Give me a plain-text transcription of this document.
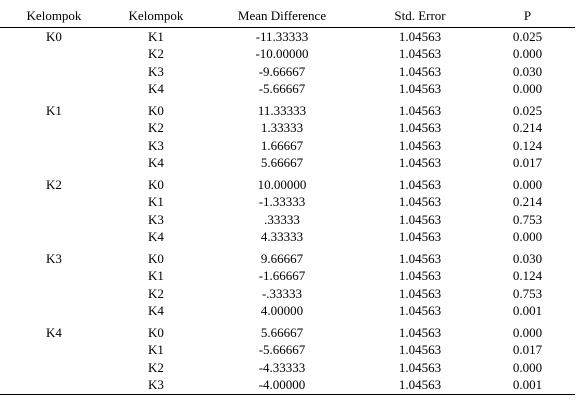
Kelompok	Kelompok	Mean Difference	Std. Error	P
K0	K1	-11.33333	1.04563	0.025
	K2	-10.00000	1.04563	0.000
	K3	-9.66667	1.04563	0.030
	K4	-5.66667	1.04563	0.000
K1	K0	11.33333	1.04563	0.025
	K2	1.33333	1.04563	0.214
	K3	1.66667	1.04563	0.124
	K4	5.66667	1.04563	0.017
K2	K0	10.00000	1.04563	0.000
	K1	-1.33333	1.04563	0.214
	K3	.33333	1.04563	0.753
	K4	4.33333	1.04563	0.000
K3	K0	9.66667	1.04563	0.030
	K1	-1.66667	1.04563	0.124
	K2	-.33333	1.04563	0.753
	K4	4.00000	1.04563	0.001
K4	K0	5.66667	1.04563	0.000
	K1	-5.66667	1.04563	0.017
	K2	-4.33333	1.04563	0.000
	K3	-4.00000	1.04563	0.001
